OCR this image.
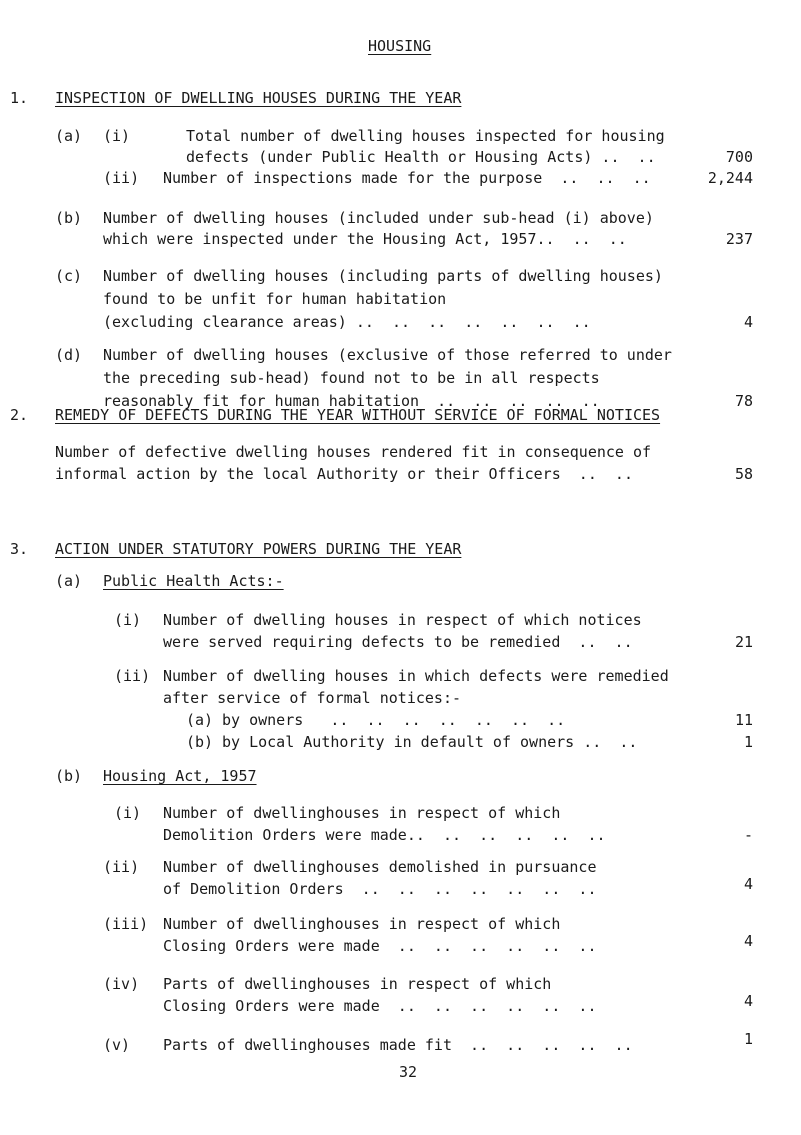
HOUSING
1. INSPECTION OF DWELLING HOUSES DURING THE YEAR
(a) (i)	Total number of dwelling houses inspected for housing
defects (under Public Health or Housing Acts) ..  ..	700
(ii) Number of inspections made for the purpose  ..  ..  ..	2,244
(b) Number of dwelling houses (included under sub-head (i) above)
which were inspected under the Housing Act, 1957..  ..  ..	237
(c) Number of dwelling houses (including parts of dwelling houses)
found to be unfit for human habitation
(excluding clearance areas) ..  ..  ..  ..  ..  ..  ..	4
(d) Number of dwelling houses (exclusive of those referred to under
the preceding sub-head) found not to be in all respects
reasonably fit for human habitation  ..  ..  ..  ..  ..	78
2. REMEDY OF DEFECTS DURING THE YEAR WITHOUT SERVICE OF FORMAL NOTICES
Number of defective dwelling houses rendered fit in consequence of
informal action by the local Authority or their Officers  ..  ..	58
3. ACTION UNDER STATUTORY POWERS DURING THE YEAR
(a) Public Health Acts:-
(i) Number of dwelling houses in respect of which notices
were served requiring defects to be remedied  ..  ..	21
(ii) Number of dwelling houses in which defects were remedied
after service of formal notices:-
(a) by owners   ..  ..  ..  ..  ..  ..  ..	11
(b) by Local Authority in default of owners ..  ..	1
(b) Housing Act, 1957
(i) Number of dwellinghouses in respect of which
Demolition Orders were made..  ..  ..  ..  ..  ..	-
(ii) Number of dwellinghouses demolished in pursuance
of Demolition Orders  ..  ..  ..  ..  ..  ..  ..	4
(iii) Number of dwellinghouses in respect of which
Closing Orders were made  ..  ..  ..  ..  ..  ..	4
(iv) Parts of dwellinghouses in respect of which
Closing Orders were made  ..  ..  ..  ..  ..  ..	4
(v) Parts of dwellinghouses made fit  ..  ..  ..  ..  ..	1
32
